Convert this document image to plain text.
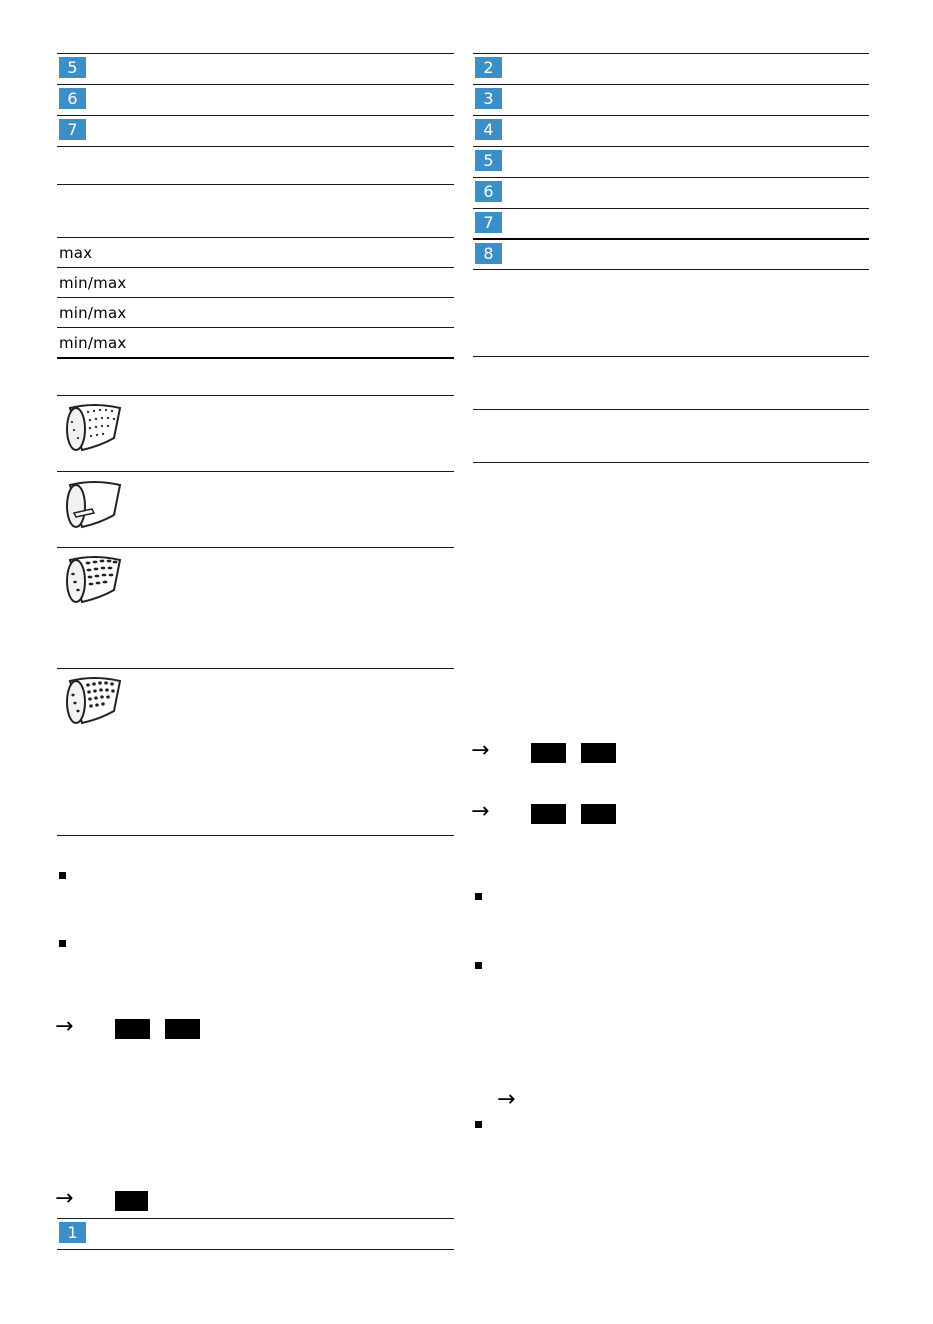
5
6
7
max
min/max
min/max
min/max
→
→
1
2
3
4
5
6
7
8
→
→
→
